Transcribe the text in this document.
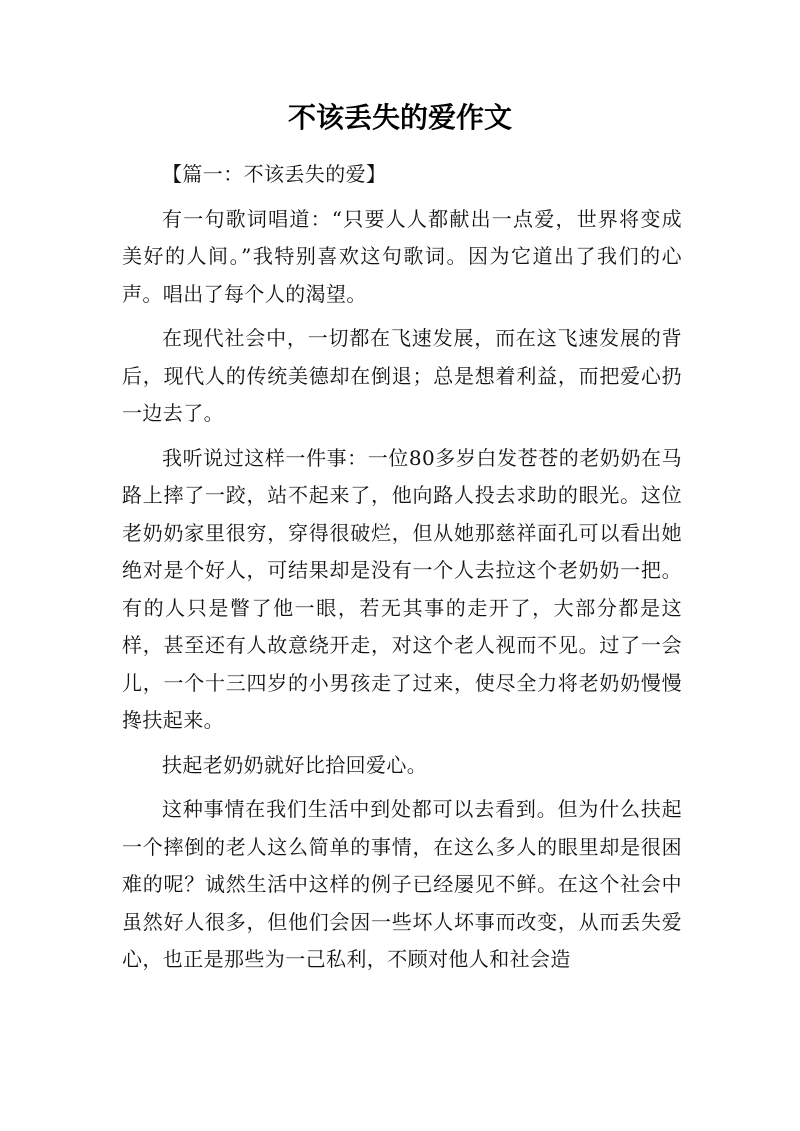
不该丢失的爱作文

【篇一：不该丢失的爱】

有一句歌词唱道：“只要人人都献出一点爱，世界将变成美好的人间。”我特别喜欢这句歌词。因为它道出了我们的心声。唱出了每个人的渴望。

在现代社会中，一切都在飞速发展，而在这飞速发展的背后，现代人的传统美德却在倒退；总是想着利益，而把爱心扔一边去了。

我听说过这样一件事：一位80多岁白发苍苍的老奶奶在马路上摔了一跤，站不起来了，他向路人投去求助的眼光。这位老奶奶家里很穷，穿得很破烂，但从她那慈祥面孔可以看出她绝对是个好人，可结果却是没有一个人去拉这个老奶奶一把。有的人只是瞥了他一眼，若无其事的走开了，大部分都是这样，甚至还有人故意绕开走，对这个老人视而不见。过了一会儿，一个十三四岁的小男孩走了过来，使尽全力将老奶奶慢慢搀扶起来。

扶起老奶奶就好比拾回爱心。

这种事情在我们生活中到处都可以去看到。但为什么扶起一个摔倒的老人这么简单的事情，在这么多人的眼里却是很困难的呢？诚然生活中这样的例子已经屡见不鲜。在这个社会中虽然好人很多，但他们会因一些坏人坏事而改变，从而丢失爱心，也正是那些为一己私利，不顾对他人和社会造
